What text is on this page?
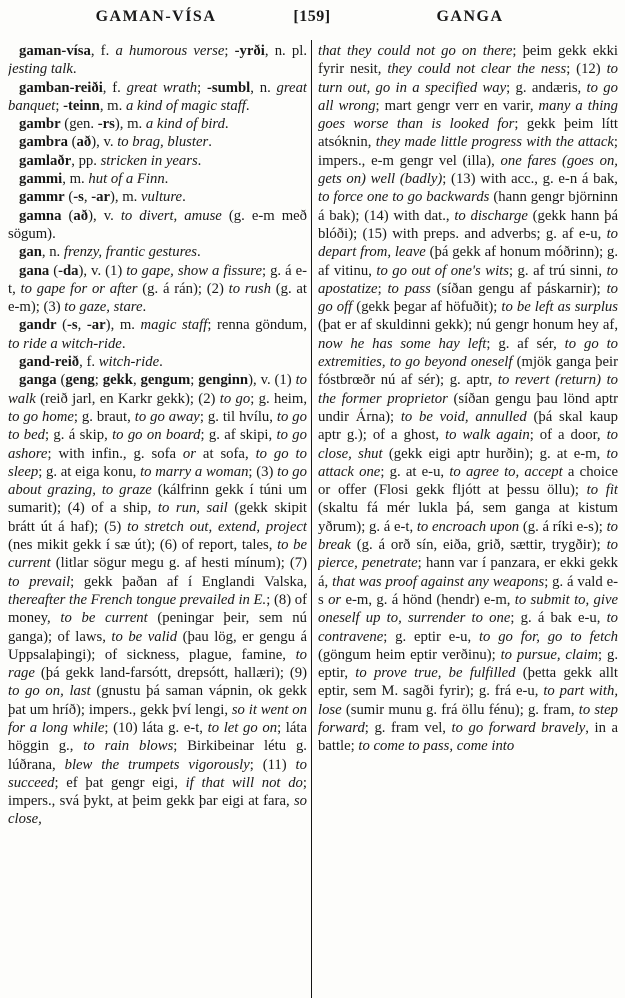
GAMAN-VÍSA	[159]	GANGA

gaman-vísa, f. a humorous verse; -yrði, n. pl. jesting talk.

gamban-reiði, f. great wrath; -sumbl, n. great banquet; -teinn, m. a kind of magic staff.

gambr (gen. -rs), m. a kind of bird.

gambra (að), v. to brag, bluster.

gamlaðr, pp. stricken in years.

gammi, m. hut of a Finn.

gammr (-s, -ar), m. vulture.

gamna (að), v. to divert, amuse (g. e-m með sögum).

gan, n. frenzy, frantic gestures.

gana (-da), v. (1) to gape, show a fissure; g. á e-t, to gape for or after (g. á rán); (2) to rush (g. at e-m); (3) to gaze, stare.

gandr (-s, -ar), m. magic staff; renna göndum, to ride a witch-ride.

gand-reið, f. witch-ride.

ganga (geng; gekk, gengum; genginn), v. (1) to walk (reið jarl, en Karkr gekk); (2) to go; g. heim, to go home; g. braut, to go away; g. til hvílu, to go to bed; g. á skip, to go on board; g. af skipi, to go ashore; with infin., g. sofa or at sofa, to go to sleep; g. at eiga konu, to marry a woman; (3) to go about grazing, to graze (kálfrinn gekk í túni um sumarit); (4) of a ship, to run, sail (gekk skipit brátt út á haf); (5) to stretch out, extend, project (nes mikit gekk í sæ út); (6) of report, tales, to be current (litlar sögur megu g. af hesti mínum); (7) to prevail; gekk þaðan af í Englandi Valska, thereafter the French tongue prevailed in E.; (8) of money, to be current (peningar þeir, sem nú ganga); of laws, to be valid (þau lög, er gengu á Uppsalaþingi); of sickness, plague, famine, to rage (þá gekk land-farsótt, drepsótt, hallæri); (9) to go on, last (gnustu þá saman vápnin, ok gekk þat um hríð); impers., gekk því lengi, so it went on for a long while; (10) láta g. e-t, to let go on; láta höggin g., to rain blows; Birkibeinar létu g. lúðrana, blew the trumpets vigorously; (11) to succeed; ef þat gengr eigi, if that will not do; impers., svá þykt, at þeim gekk þar eigi at fara, so close,

that they could not go on there; þeim gekk ekki fyrir nesit, they could not clear the ness; (12) to turn out, go in a specified way; g. andæris, to go all wrong; mart gengr verr en varir, many a thing goes worse than is looked for; gekk þeim lítt atsóknin, they made little progress with the attack; impers., e-m gengr vel (illa), one fares (goes on, gets on) well (badly); (13) with acc., g. e-n á bak, to force one to go backwards (hann gengr björninn á bak); (14) with dat., to discharge (gekk hann þá blóði); (15) with preps. and adverbs; g. af e-u, to depart from, leave (þá gekk af honum móðrinn); g. af vitinu, to go out of one's wits; g. af trú sinni, to apostatize; to pass (síðan gengu af páskarnir); to go off (gekk þegar af höfuðit); to be left as surplus (þat er af skuldinni gekk); nú gengr honum hey af, now he has some hay left; g. af sér, to go to extremities, to go beyond oneself (mjök ganga þeir fóstbrœðr nú af sér); g. aptr, to revert (return) to the former proprietor (síðan gengu þau lönd aptr undir Árna); to be void, annulled (þá skal kaup aptr g.); of a ghost, to walk again; of a door, to close, shut (gekk eigi aptr hurðin); g. at e-m, to attack one; g. at e-u, to agree to, accept a choice or offer (Flosi gekk fljótt at þessu öllu); to fit (skaltu fá mér lukla þá, sem ganga at kistum yðrum); g. á e-t, to encroach upon (g. á ríki e-s); to break (g. á orð sín, eiða, grið, sættir, trygðir); to pierce, penetrate; hann var í panzara, er ekki gekk á, that was proof against any weapons; g. á vald e-s or e-m, g. á hönd (hendr) e-m, to submit to, give oneself up to, surrender to one; g. á bak e-u, to contravene; g. eptir e-u, to go for, go to fetch (göngum heim eptir verðinu); to pursue, claim; g. eptir, to prove true, be fulfilled (þetta gekk allt eptir, sem M. sagði fyrir); g. frá e-u, to part with, lose (sumir munu g. frá öllu fénu); g. fram, to step forward; g. fram vel, to go forward bravely, in a battle; to come to pass, come into
